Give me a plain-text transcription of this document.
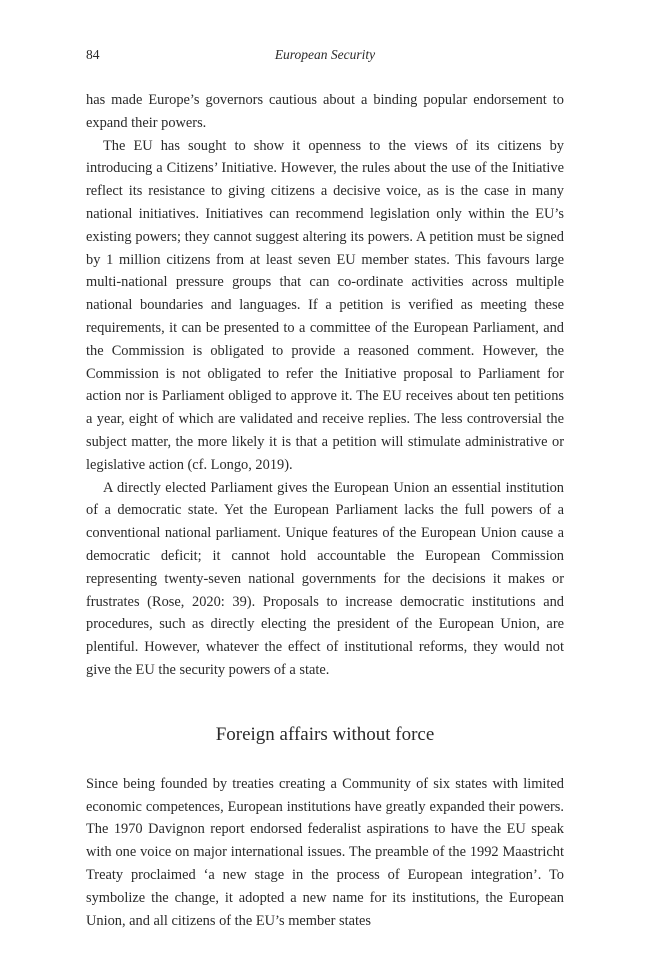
84	European Security

has made Europe’s governors cautious about a binding popular endorsement to expand their powers.

The EU has sought to show it openness to the views of its citizens by introducing a Citizens’ Initiative. However, the rules about the use of the Initiative reflect its resistance to giving citizens a decisive voice, as is the case in many national initiatives. Initiatives can recommend legislation only within the EU’s existing powers; they cannot suggest altering its powers. A petition must be signed by 1 million citizens from at least seven EU member states. This favours large multi-national pressure groups that can co-ordinate activities across multiple national boundaries and languages. If a petition is verified as meeting these requirements, it can be presented to a committee of the European Parliament, and the Commission is obligated to provide a reasoned comment. However, the Commission is not obligated to refer the Initiative proposal to Parliament for action nor is Parliament obliged to approve it. The EU receives about ten petitions a year, eight of which are validated and receive replies. The less controversial the subject matter, the more likely it is that a petition will stimulate administrative or legislative action (cf. Longo, 2019).

A directly elected Parliament gives the European Union an essential institution of a democratic state. Yet the European Parliament lacks the full powers of a conventional national parliament. Unique features of the European Union cause a democratic deficit; it cannot hold accountable the European Commission representing twenty-seven national governments for the decisions it makes or frustrates (Rose, 2020: 39). Proposals to increase democratic institutions and procedures, such as directly electing the president of the European Union, are plentiful. However, whatever the effect of institutional reforms, they would not give the EU the security powers of a state.

Foreign affairs without force

Since being founded by treaties creating a Community of six states with limited economic competences, European institutions have greatly expanded their powers. The 1970 Davignon report endorsed federalist aspirations to have the EU speak with one voice on major international issues. The preamble of the 1992 Maastricht Treaty proclaimed ‘a new stage in the process of European integration’. To symbolize the change, it adopted a new name for its institutions, the European Union, and all citizens of the EU’s member states
